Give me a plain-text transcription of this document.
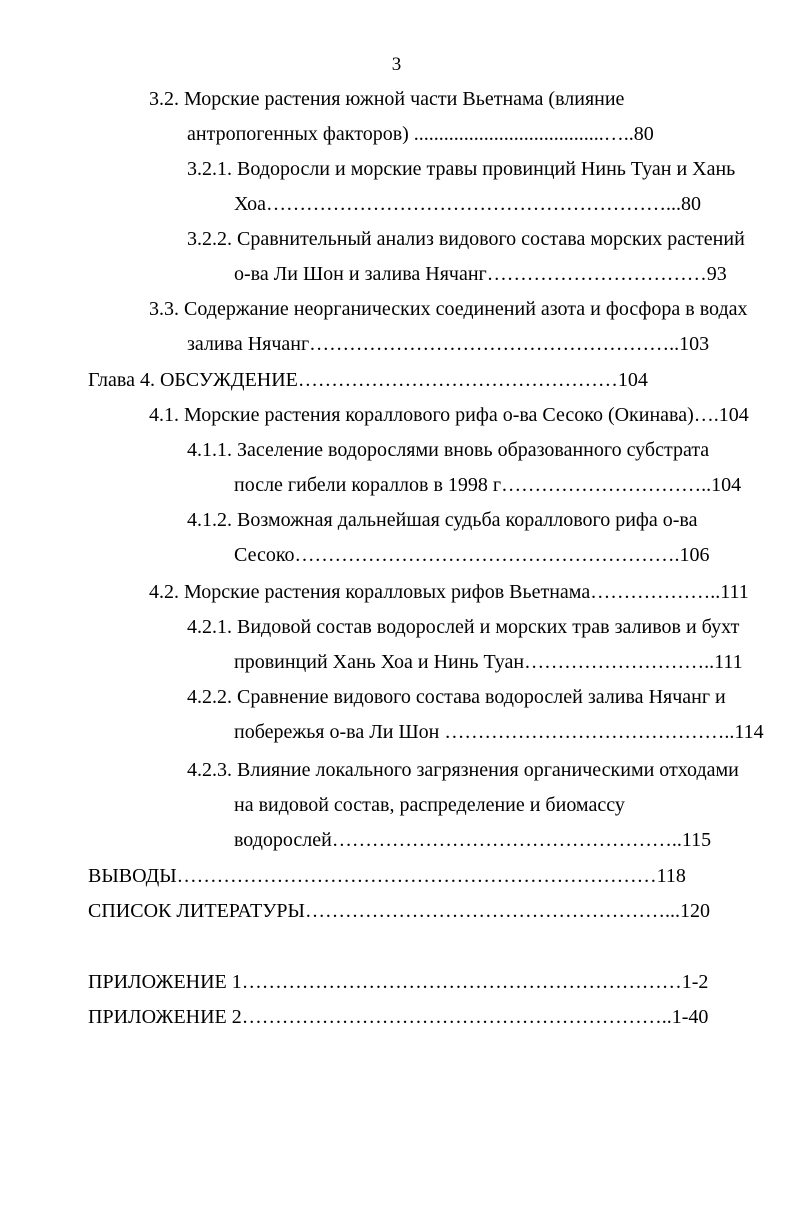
3
3.2. Морские растения южной части Вьетнама (влияние
антропогенных факторов) ......................................…..80
3.2.1. Водоросли и морские травы провинций Нинь Туан и Хань
Хоа……………………………………………………...80
3.2.2. Сравнительный анализ видового состава морских растений
о-ва Ли Шон и залива Нячанг……………………………93
3.3. Содержание неорганических соединений азота и фосфора в водах
залива Нячанг………………………………………………..103
Глава 4. ОБСУЖДЕНИЕ…………………………………………104
4.1. Морские растения кораллового рифа о-ва Сесоко (Окинава)….104
4.1.1. Заселение водорослями вновь образованного субстрата
после гибели кораллов в 1998 г…………………………..104
4.1.2. Возможная дальнейшая судьба кораллового рифа о-ва
Сесоко………………………………………………….106
4.2. Морские растения коралловых рифов Вьетнама………………..111
4.2.1. Видовой состав водорослей и морских трав заливов и бухт
провинций Хань Хоа и Нинь Туан………………………..111
4.2.2. Сравнение видового состава водорослей залива Нячанг и
побережья о-ва Ли Шон ……………………………………..114
4.2.3. Влияние локального загрязнения органическими отходами
на видовой состав, распределение и биомассу
водорослей……………………………………………..115
ВЫВОДЫ………………………………………………………………118
СПИСОК ЛИТЕРАТУРЫ………………………………………………...120
ПРИЛОЖЕНИЕ 1…………………………………………………………1-2
ПРИЛОЖЕНИЕ 2………………………………………………………..1-40
